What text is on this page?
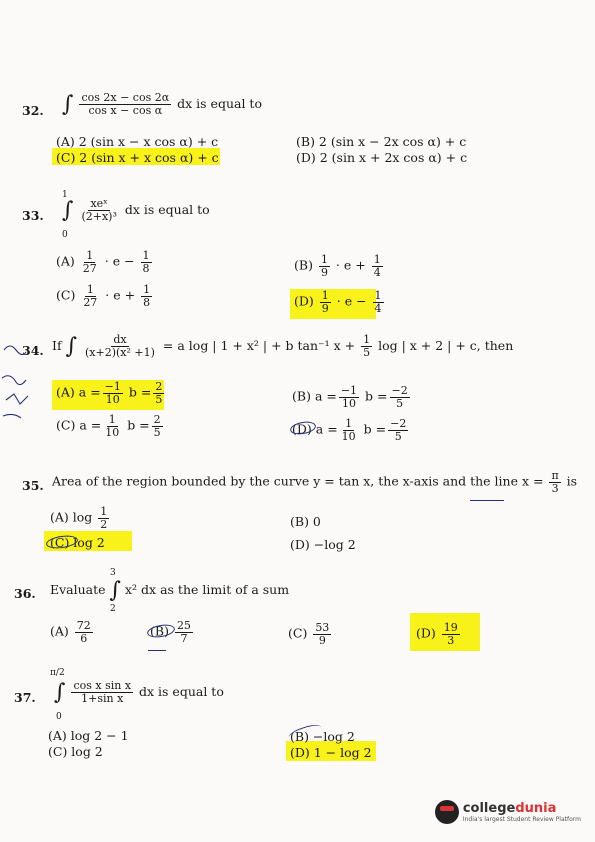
32. ∫ $\frac{\cos 2x - \cos 2\alpha}{\text{cos x − cos α}}$ dx is equal to
(A) 2 (sin x − x cos α) + c	(B) 2 (sin x − 2x cos α) + c
(C) 2 (sin x + x cos α) + c	(D) 2 (sin x + 2x cos α) + c
33.
1
0
∫ $\frac{\text{xeˣ}}{\text{(2+x)³}}$ dx is equal to
$(A) \frac{1}{27} \cdot e - \frac{1}{8}$	$(B) \frac{1}{9} \cdot e + \frac{1}{4}$
$(C) \frac{1}{27} \cdot e + \frac{1}{8}$	$(D) \frac{1}{9} \cdot e - \frac{1}{4}$
34. If ∫ $\frac{dx}{\text{(x+2)(x² +1)}} = a$ log | 1 + x² | + b tan⁻¹ $x + \frac{1}{5}$ log | x + 2 | + c, then
(A) $a = \frac{-1}{10}$ $b = \frac{2}{5}$	(B) $a = \frac{-1}{10}$ $b = \frac{-2}{5}$
(C) $a = \frac{1}{10}$ $b = \frac{2}{5}$	(D) $a = \frac{1}{10}$ $b = \frac{-2}{5}$
35. Area of the region bounded by the curve y = tan x, the x-axis and the line $x = \frac{\pi}{3}$ is
(A) $\log \frac{1}{2}$	(B) 0
(C) log 2	(D) −log 2
36.
3
2
Evaluate ∫ x² dx as the limit of a sum
$(A) \frac{72}{6}$	$(B) \frac{25}{7}$	$(C) \frac{53}{9}$	$(D) \frac{19}{3}$
37.
π/2
0
∫ $\frac{\text{cos x sin x}}{\text{1+sin x}}$ dx is equal to
(A) log 2 − 1	(B) −log 2
(C) log 2	(D) 1 − log 2
collegedunia
India's largest Student Review Platform
